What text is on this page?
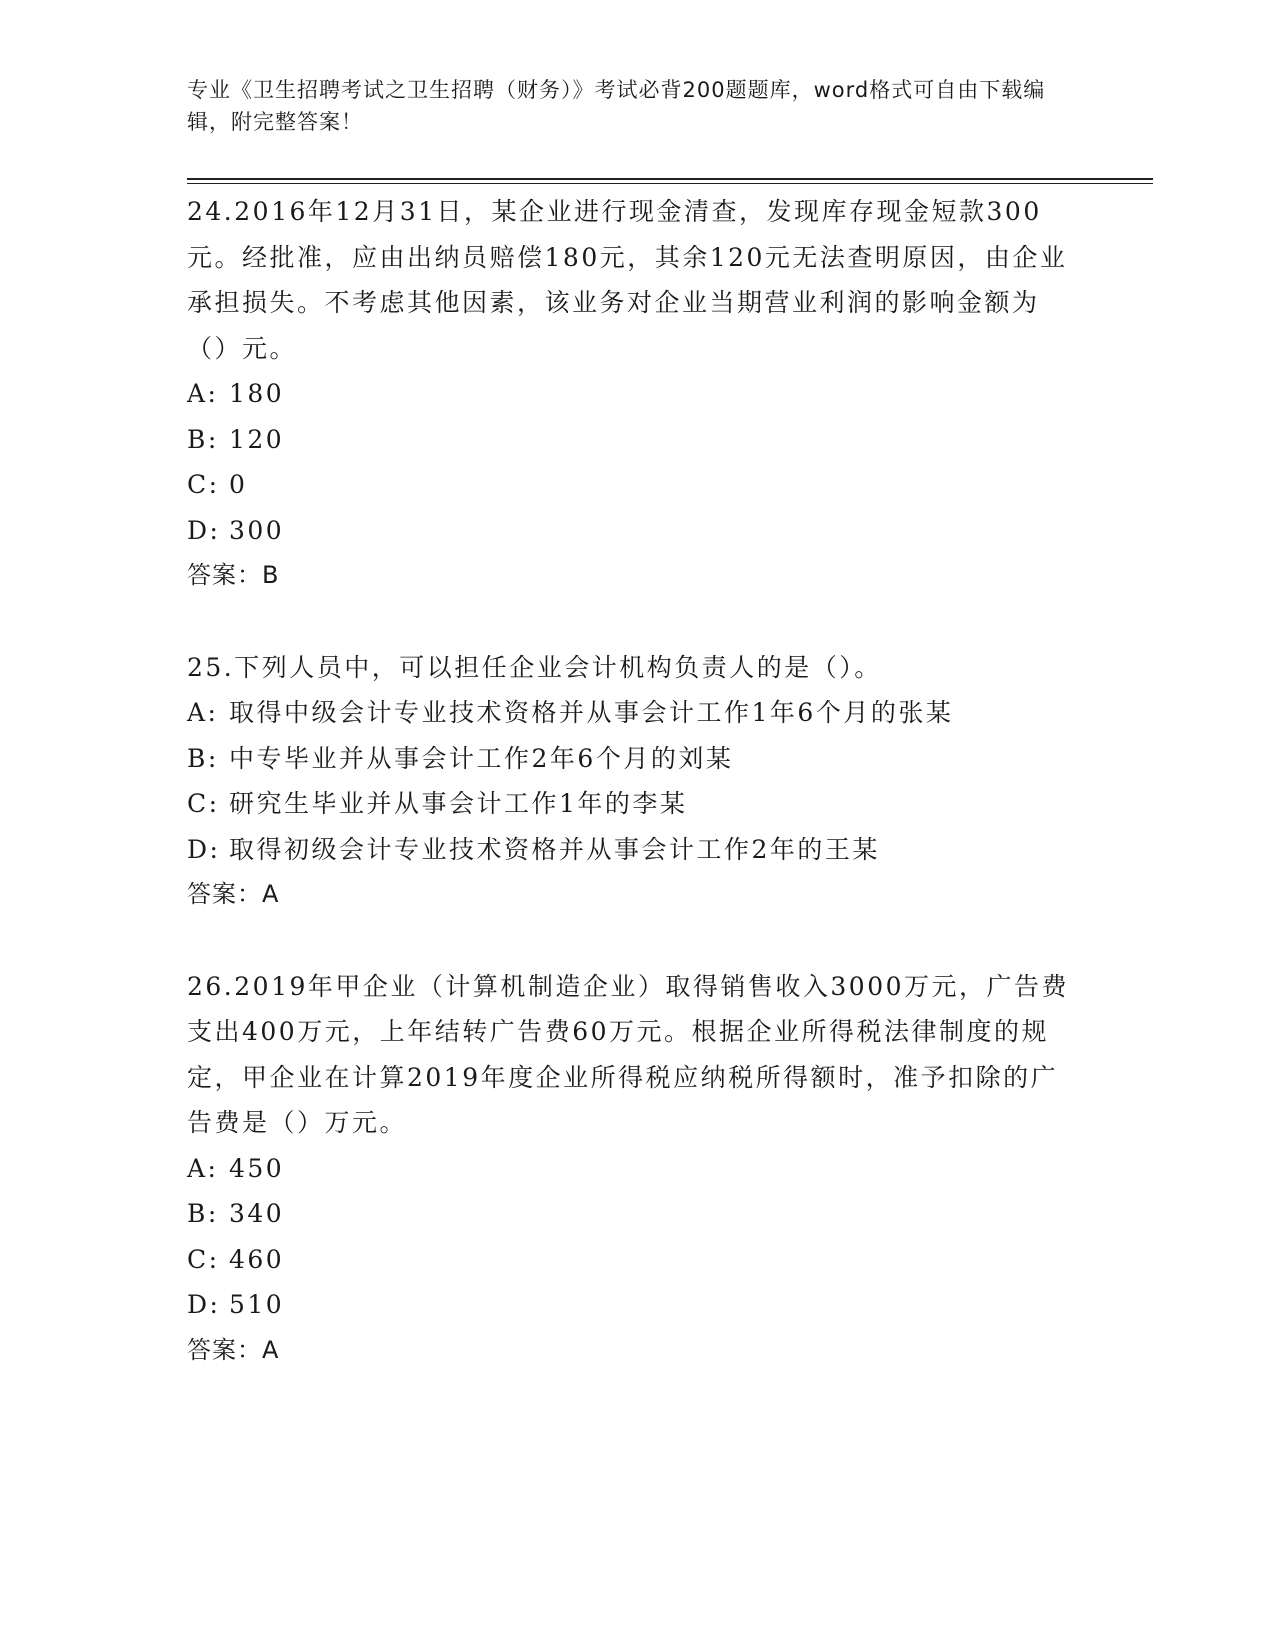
专业《卫生招聘考试之卫生招聘（财务）》考试必背200题题库，word格式可自由下载编辑，附完整答案！

24.2016年12月31日，某企业进行现金清查，发现库存现金短款300元。经批准，应由出纳员赔偿180元，其余120元无法查明原因，由企业承担损失。不考虑其他因素，该业务对企业当期营业利润的影响金额为（）元。

A: 180
B: 120
C: 0
D: 300
答案：B

25.下列人员中，可以担任企业会计机构负责人的是（）。

A: 取得中级会计专业技术资格并从事会计工作1年6个月的张某
B: 中专毕业并从事会计工作2年6个月的刘某
C: 研究生毕业并从事会计工作1年的李某
D: 取得初级会计专业技术资格并从事会计工作2年的王某
答案：A

26.2019年甲企业（计算机制造企业）取得销售收入3000万元，广告费支出400万元，上年结转广告费60万元。根据企业所得税法律制度的规定，甲企业在计算2019年度企业所得税应纳税所得额时，准予扣除的广告费是（）万元。

A: 450
B: 340
C: 460
D: 510
答案：A
